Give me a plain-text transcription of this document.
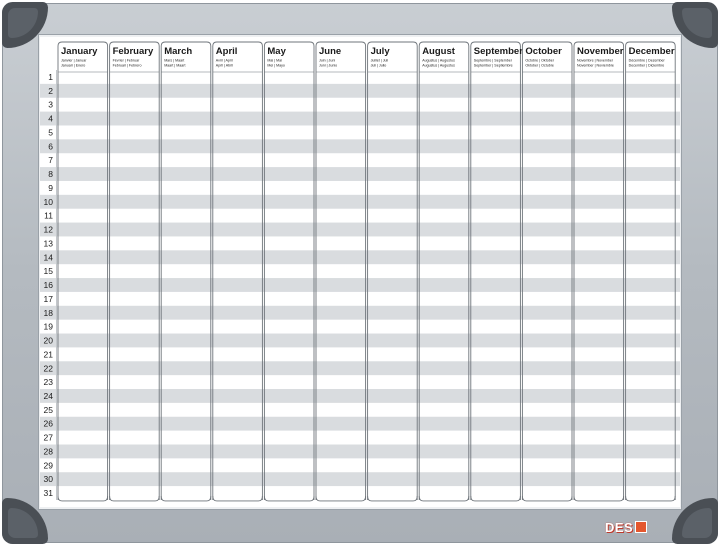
1
2
3
4
5
6
7
8
9
10
11
12
13
14
15
16
17
18
19
20
21
22
23
24
25
26
27
28
29
30
31
January
Janvier | Januar
Januari | Enero
February
Février | Februar
Februari | Febrero
March
Mars | Maart
Maart | Maart
April
Avril | April
April | Abril
May
Mai | Mai
Mei | Mayo
June
Juin | Juni
Juni | Junio
July
Juillet | Juli
Juli | Julio
August
Augustus | Augustus
Augustus | Augustus
September
Septembre | September
September | Septiembre
October
Octobre | Oktober
Oktober | Octubre
November
Novembre | November
November | Noviembre
December
Décembre | Dezember
December | Diciembre
DES
